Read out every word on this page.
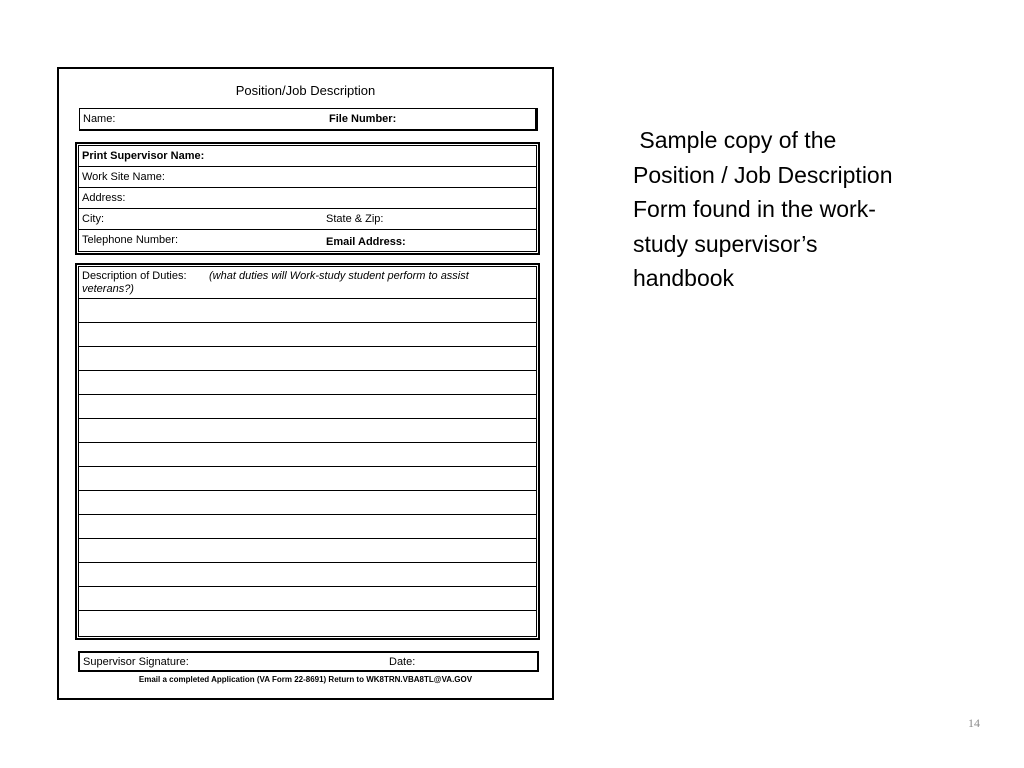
Position/Job Description
Name:	File Number:
Print Supervisor Name:
Work Site Name:
Address:
City:	State & Zip:
Telephone Number:	Email Address:
Description of Duties: (what duties will Work-study student perform to assist
veterans?)
Supervisor Signature:	Date:
Email a completed Application (VA Form 22-8691) Return to WK8TRN.VBA8TL@VA.GOV
Sample copy of the
Position / Job Description
Form found in the work-
study supervisor’s
handbook
14
